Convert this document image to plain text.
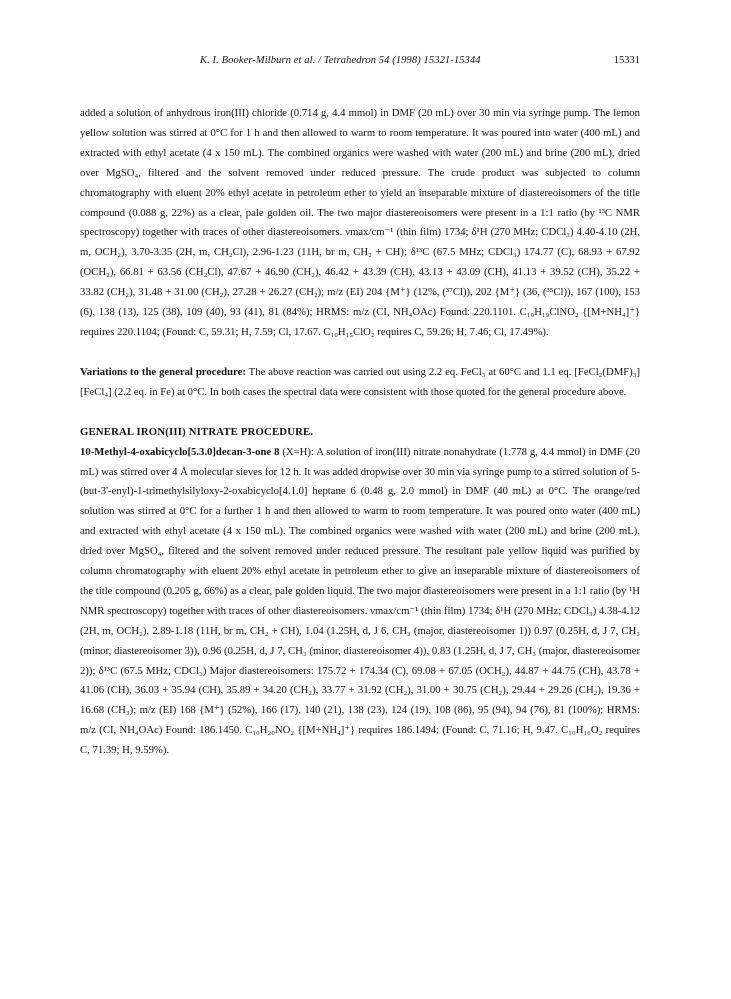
K. I. Booker-Milburn et al. / Tetrahedron 54 (1998) 15321-15344	15331

added a solution of anhydrous iron(III) chloride (0.714 g, 4.4 mmol) in DMF (20 mL) over 30 min via syringe pump. The lemon yellow solution was stirred at 0°C for 1 h and then allowed to warm to room temperature. It was poured into water (400 mL) and extracted with ethyl acetate (4 x 150 mL). The combined organics were washed with water (200 mL) and brine (200 mL), dried over MgSO₄, filtered and the solvent removed under reduced pressure. The crude product was subjected to column chromatography with eluent 20% ethyl acetate in petroleum ether to yield an inseparable mixture of diastereoisomers of the title compound (0.088 g, 22%) as a clear, pale golden oil. The two major diastereoisomers were present in a 1:1 ratio (by ¹³C NMR spectroscopy) together with traces of other diastereoisomers. νmax/cm⁻¹ (thin film) 1734; δ¹H (270 MHz; CDCl₃) 4.40-4.10 (2H, m, OCH₂), 3.70-3.35 (2H, m, CH₂Cl), 2.96-1.23 (11H, br m, CH₂ + CH); δ¹³C (67.5 MHz; CDCl₃) 174.77 (C), 68.93 + 67.92 (OCH₂), 66.81 + 63.56 (CH₂Cl), 47.67 + 46.90 (CH₂), 46.42 + 43.39 (CH), 43.13 + 43.09 (CH), 41.13 + 39.52 (CH), 35.22 + 33.82 (CH₂), 31.48 + 31.00 (CH₂), 27.28 + 26.27 (CH₂); m/z (EI) 204 {M⁺} (12%, (³⁷Cl)), 202 {M⁺} (36, (³⁵Cl)), 167 (100), 153 (6), 138 (13), 125 (38), 109 (40), 93 (41), 81 (84%); HRMS: m/z (CI, NH₄OAc) Found: 220.1101. C₁₀H₁₉ClNO₂ {[M+NH₄]⁺} requires 220.1104; (Found: C, 59.31; H, 7.59; Cl, 17.67. C₁₀H₁₅ClO₂ requires C, 59.26; H, 7.46; Cl, 17.49%).

Variations to the general procedure: The above reaction was carried out using 2.2 eq. FeCl₃ at 60°C and 1.1 eq. [FeCl₂(DMF)₃][FeCl₄] (2.2 eq. in Fe) at 0°C. In both cases the spectral data were consistent with those quoted for the general procedure above.

GENERAL IRON(III) NITRATE PROCEDURE.

10-Methyl-4-oxabicyclo[5.3.0]decan-3-one 8 (X=H): A solution of iron(III) nitrate nonahydrate (1.778 g, 4.4 mmol) in DMF (20 mL) was stirred over 4 Å molecular sieves for 12 h. It was added dropwise over 30 min via syringe pump to a stirred solution of 5-(but-3'-enyl)-1-trimethylsilyloxy-2-oxabicyclo[4.1.0] heptane 6 (0.48 g, 2.0 mmol) in DMF (40 mL) at 0°C. The orange/red solution was stirred at 0°C for a further 1 h and then allowed to warm to room temperature. It was poured onto water (400 mL) and extracted with ethyl acetate (4 x 150 mL). The combined organics were washed with water (200 mL) and brine (200 mL), dried over MgSO₄, filtered and the solvent removed under reduced pressure. The resultant pale yellow liquid was purified by column chromatography with eluent 20% ethyl acetate in petroleum ether to give an inseparable mixture of diastereoisomers of the title compound (0.205 g, 66%) as a clear, pale golden liquid. The two major diastereoisomers were present in a 1:1 ratio (by ¹H NMR spectroscopy) together with traces of other diastereoisomers. νmax/cm⁻¹ (thin film) 1734; δ¹H (270 MHz; CDCl₃) 4.38-4.12 (2H, m, OCH₂), 2.89-1.18 (11H, br m, CH₂ + CH), 1.04 (1.25H, d, J 6, CH₃ (major, diastereoisomer 1)) 0.97 (0.25H, d, J 7, CH₃ (minor, diastereoisomer 3)), 0.96 (0.25H, d, J 7, CH₃ (minor, diastereoisomer 4)), 0.83 (1.25H, d, J 7, CH₃ (major, diastereoisomer 2)); δ¹³C (67.5 MHz; CDCl₃) Major diastereoisomers: 175.72 + 174.34 (C), 69.08 + 67.05 (OCH₂), 44.87 + 44.75 (CH), 43.78 + 41.06 (CH), 36.03 + 35.94 (CH), 35.89 + 34.20 (CH₂), 33.77 + 31.92 (CH₂), 31.00 + 30.75 (CH₂), 29.44 + 29.26 (CH₂), 19.36 + 16.68 (CH₃); m/z (EI) 168 {M⁺} (52%), 166 (17), 140 (21), 138 (23), 124 (19), 108 (86), 95 (94), 94 (76), 81 (100%); HRMS: m/z (CI, NH₄OAc) Found: 186.1450. C₁₀H₂₀NO₂ {[M+NH₄]⁺} requires 186.1494; (Found: C, 71.16; H, 9.47. C₁₀H₁₆O₂ requires C, 71.39; H, 9.59%).
